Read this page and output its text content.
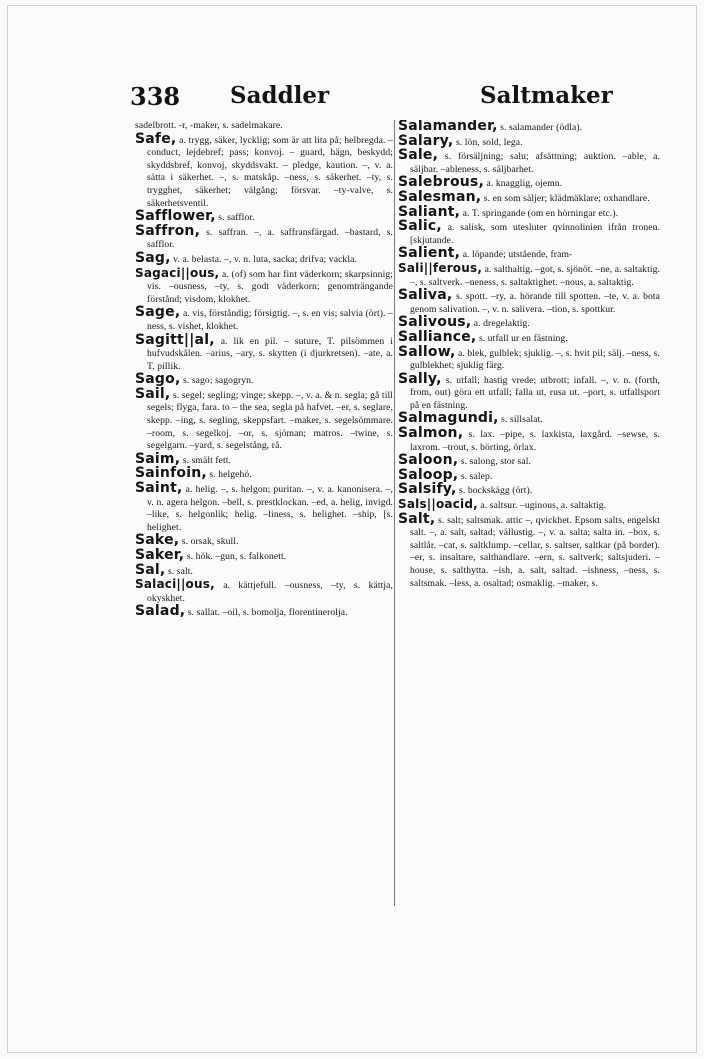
338 Saddler	Saltmaker
sadelbrott. -r, -maker, s. sadelmakare.
Safe, a. trygg, säker, lycklig; som är att lita på; helbregda. – conduct, lejdebref; pass; konvoj. – guard, hägn, beskydd; skyddsbref, konvoj, skyddsvakt. – pledge, kaution. –, v. a. sätta i säkerhet. –, s. matskåp. –ness, s. säkerhet. –ty, s. trygghet, säkerhet; välgång; försvar. –ty-valve, s. säkerhetsventil.
Safflower, s. safflor.
Saffron, s. saffran. –, a. saffransfärgad. –bastard, s. safflor.
Sag, v. a. belasta. –, v. n. luta, sacka; drifva; vackla.
Sagaci||ous, a. (of) som har fint väderkorn; skarpsinnig; vis. –ousness, –ty, s. godt väderkorn; genomträngande förstånd; visdom, klokhet.
Sage, a. vis, förståndig; försigtig. –, s. en vis; salvia (ört). –ness, s. vishet, klokhet.
Sagitt||al, a. lik en pil. – suture, T. pilsömmen i hufvudskålen. –arius, –ary, s. skytten (i djurkretsen). –ate, a. T. pillik.
Sago, s. sago; sagogryn.
Sail, s. segel; segling; vinge; skepp. –, v. a. & n. segla; gå till segels; flyga, fara. to – the sea, segla på hafvet. –er, s. seglare, skepp. –ing, s. segling, skeppsfart. –maker, s. segelsömmare. –room, s. segelkoj. –or, s. sjöman; matros. –twine, s. segelgarn. –yard, s. segelstång, rå.
Saim, s. smält fett.
Sainfoin, s. helgehö.
Saint, a. helig. –, s. helgon; puritan. –, v. a. kanonisera. –, v. n. agera helgon. –bell, s. prestklockan. –ed, a. helig, invigd. –like, s. helgonlik; helig. –liness, s. helighet. –ship, [s. helighet.
Sake, s. orsak, skull.
Saker, s. hök. –gun, s. falkonett.
Sal, s. salt.
Salaci||ous, a. kättjefull. –ousness, –ty, s. kättja, okyskhet.
Salad, s. sallat. –oil, s. bomolja, florentinerolja.
Salamander, s. salamander (ödla).
Salary, s. lön, sold, lega.
Sale, s. försäljning; salu; afsättning; auktion. –able, a. säljbar. –ableness, s. säljbarhet.
Salebrous, a. knagglig, ojemn.
Salesman, s. en som säljer; klädmäklare; oxhandlare.
Saliant, a. T. springande (om en hörningar etc.).
Salic, a. salisk, som utesluter qvinnolinien ifrån tronen. [skjutande.
Salient, a. löpande; utstående, fram-
Sali||ferous, a. salthaltig. –got, s. sjönöt. –ne, a. saltaktig. –, s. saltverk. –neness, s. saltaktighet. –nous, a. saltaktig.
Saliva, s. spott. –ry, a. hörande till spotten. –te, v. a. bota genom salivation. –, v. n. salivera. –tion, s. spottkur.
Salivous, a. dregelaktig.
Salliance, s. utfall ur en fästning.
Sallow, a. blek, gulblek; sjuklig. –, s. hvit pil; sälj. –ness, s. gulblekhet; sjuklig färg.
Sally, s. utfall; hastig vrede; utbrott; infall. –, v. n. (forth, from, out) göra ett utfall; falla ut, rusa ut. –port, s. utfallsport på en fästning.
Salmagundi, s. sillsalat.
Salmon, s. lax. –pipe, s. laxkista, laxgård. –sewse, s. laxrom. –trout, s. börting, örlax.
Saloon, s. salong, stor sal.
Saloop, s. salep.
Salsify, s. bockskägg (ört).
Sals||oacid, a. saltsur. –uginous, a. saltaktig.
Salt, s. salt; saltsmak. attic –, qvickhet. Epsom salts, engelskt salt. –, a. salt, saltad; vällustig. –, v. a. salta; salta in. –box, s. saltlår. –cat, s. saltklump. –cellar, s. saltser, saltkar (på bordet). –er, s. insaltare, salthandlare. –ern, s. saltverk; saltsjuderi. –house, s. salthytta. –ish, a. salt, saltad. –ishness, –ness, s. saltsmak. –less, a. osaltad; osmaklig. –maker, s.
